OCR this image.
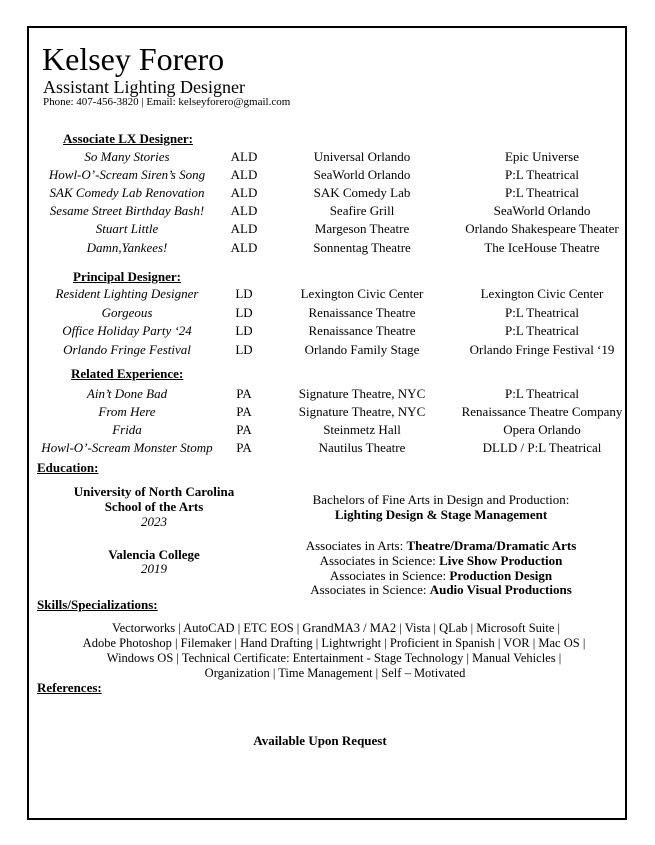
Kelsey Forero
Assistant Lighting Designer
Phone: 407-456-3820 | Email: kelseyforero@gmail.com
Associate LX Designer:
So Many Stories	ALD	Universal Orlando	Epic Universe
Howl-O’-Scream Siren’s Song ALD	SeaWorld Orlando	P:L Theatrical
SAK Comedy Lab Renovation ALD	SAK Comedy Lab	P:L Theatrical
Sesame Street Birthday Bash! ALD	Seafire Grill	SeaWorld Orlando
Stuart Little	ALD	Margeson Theatre	Orlando Shakespeare Theater
Damn,Yankees!	ALD	Sonnentag Theatre	The IceHouse Theatre
Principal Designer:
Resident Lighting Designer	LD	Lexington Civic Center	Lexington Civic Center
Gorgeous	LD	Renaissance Theatre	P:L Theatrical
Office Holiday Party ‘24	LD	Renaissance Theatre	P:L Theatrical
Orlando Fringe Festival	LD	Orlando Family Stage	Orlando Fringe Festival ‘19
Related Experience:
Ain’t Done Bad	PA	Signature Theatre, NYC	P:L Theatrical
From Here	PA	Signature Theatre, NYC	Renaissance Theatre Company
Frida	PA	Steinmetz Hall	Opera Orlando
Howl-O’-Scream Monster Stomp PA	Nautilus Theatre	DLLD / P:L Theatrical
Education:
University of North Carolina
School of the Arts
2023
Bachelors of Fine Arts in Design and Production:
Lighting Design & Stage Management
Valencia College
2019
Associates in Arts: Theatre/Drama/Dramatic Arts
Associates in Science: Live Show Production
Associates in Science: Production Design
Associates in Science: Audio Visual Productions
Skills/Specializations:
Vectorworks | AutoCAD | ETC EOS | GrandMA3 / MA2 | Vista | QLab | Microsoft Suite |
Adobe Photoshop | Filemaker | Hand Drafting | Lightwright | Proficient in Spanish | VOR | Mac OS |
Windows OS | Technical Certificate: Entertainment - Stage Technology | Manual Vehicles |
Organization | Time Management | Self – Motivated
References:
Available Upon Request
